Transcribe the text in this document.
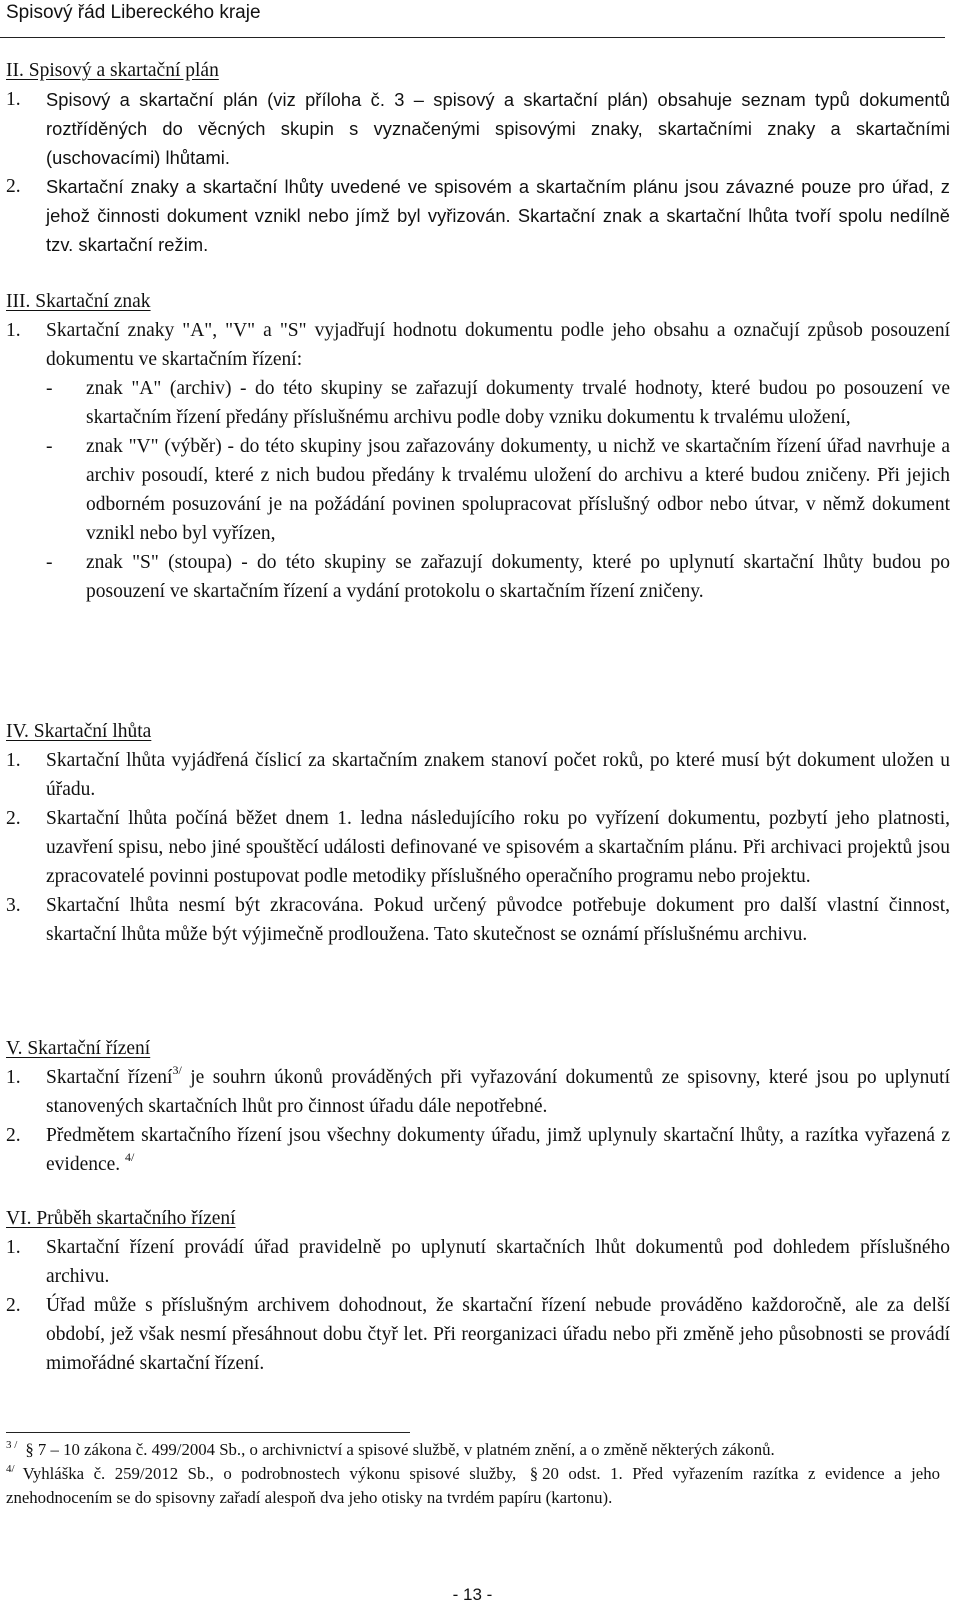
Spisový řád Libereckého kraje
II. Spisový a skartační plán
1. Spisový a skartační plán (viz příloha č. 3 – spisový a skartační plán) obsahuje seznam typů dokumentů roztříděných do věcných skupin s vyznačenými spisovými znaky, skartačními znaky a skartačními (uschovacími) lhůtami.

2. Skartační znaky a skartační lhůty uvedené ve spisovém a skartačním plánu jsou závazné pouze pro úřad, z jehož činnosti dokument vznikl nebo jímž byl vyřizován. Skartační znak a skartační lhůta tvoří spolu nedílně tzv. skartační režim.

III. Skartační znak
1. Skartační znaky "A", "V" a "S" vyjadřují hodnotu dokumentu podle jeho obsahu a označují způsob posouzení dokumentu ve skartačním řízení:

- znak "A" (archiv) - do této skupiny se zařazují dokumenty trvalé hodnoty, které budou po posouzení ve skartačním řízení předány příslušnému archivu podle doby vzniku dokumentu k trvalému uložení,
- znak "V" (výběr) - do této skupiny jsou zařazovány dokumenty, u nichž ve skartačním řízení úřad navrhuje a archiv posoudí, které z nich budou předány k trvalému uložení do archivu a které budou zničeny. Při jejich odborném posuzování je na požádání povinen spolupracovat příslušný odbor nebo útvar, v němž dokument vznikl nebo byl vyřízen,
- znak "S" (stoupa) - do této skupiny se zařazují dokumenty, které po uplynutí skartační lhůty budou po posouzení ve skartačním řízení a vydání protokolu o skartačním řízení zničeny.
IV. Skartační lhůta
1. Skartační lhůta vyjádřená číslicí za skartačním znakem stanoví počet roků, po které musí být dokument uložen u úřadu.

2. Skartační lhůta počíná běžet dnem 1. ledna následujícího roku po vyřízení dokumentu, pozbytí jeho platnosti, uzavření spisu, nebo jiné spouštěcí události definované ve spisovém a skartačním plánu. Při archivaci projektů jsou zpracovatelé povinni postupovat podle metodiky příslušného operačního programu nebo projektu.

3. Skartační lhůta nesmí být zkracována. Pokud určený původce potřebuje dokument pro další vlastní činnost, skartační lhůta může být výjimečně prodloužena. Tato skutečnost se oznámí příslušnému archivu.

V. Skartační řízení
1. Skartační řízení$^{3/}$ je souhrn úkonů prováděných při vyřazování dokumentů ze spisovny, které jsou po uplynutí stanovených skartačních lhůt pro činnost úřadu dále nepotřebné.

2. Předmětem skartačního řízení jsou všechny dokumenty úřadu, jimž uplynuly skartační lhůty, a razítka vyřazená z evidence. $^{4/}$

VI. Průběh skartačního řízení
1. Skartační řízení provádí úřad pravidelně po uplynutí skartačních lhůt dokumentů pod dohledem příslušného archivu.

2. Úřad může s příslušným archivem dohodnout, že skartační řízení nebude prováděno každoročně, ale za delší období, jež však nesmí přesáhnout dobu čtyř let. Při reorganizaci úřadu nebo při změně jeho působnosti se provádí mimořádné skartační řízení.

$^{3 /}$ § 7 – 10 zákona č. 499/2004 Sb., o archivnictví a spisové službě, v platném znění, a o změně některých zákonů.

$^{4/}$ Vyhláška č. 259/2012 Sb., o podrobnostech výkonu spisové služby, § 20 odst. 1. Před vyřazením razítka z evidence a jeho znehodnocením se do spisovny zařadí alespoň dva jeho otisky na tvrdém papíru (kartonu).

- 13 -
